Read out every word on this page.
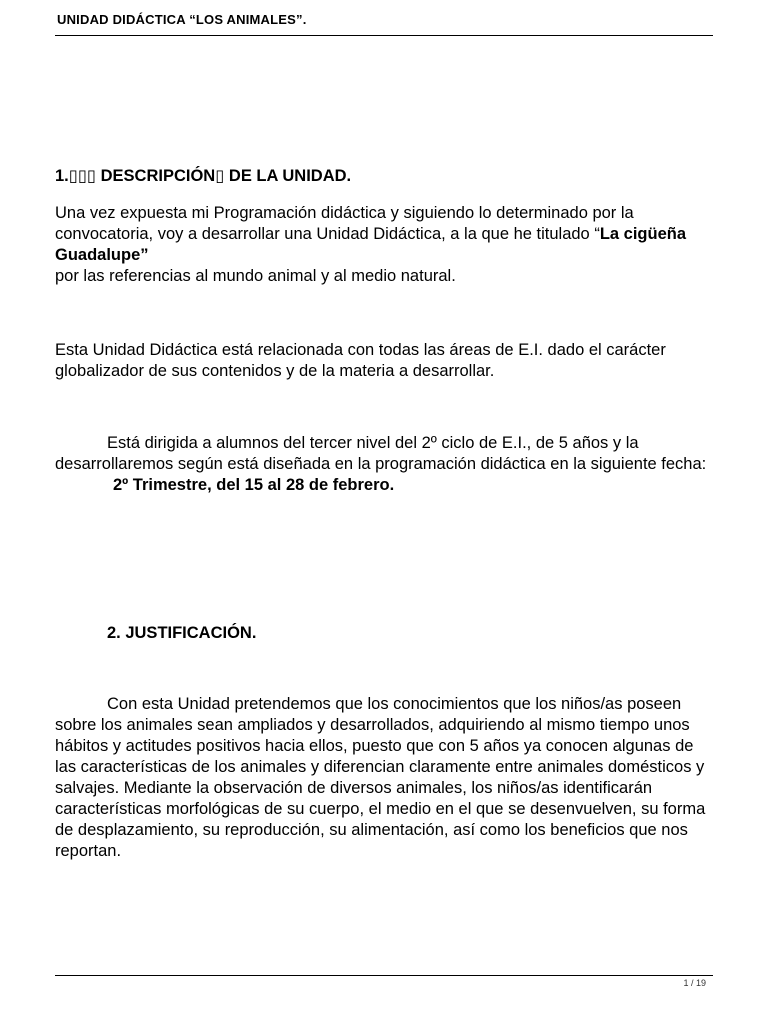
UNIDAD DIDÁCTICA “LOS ANIMALES”.
1.▯▯▯ DESCRIPCIÓN▯ DE LA UNIDAD.
Una vez expuesta mi Programación didáctica y siguiendo lo determinado por la convocatoria, voy a desarrollar una Unidad Didáctica, a la que he titulado “La cigüeña Guadalupe”
por las referencias al mundo animal y al medio natural.
Esta Unidad Didáctica está relacionada con todas las áreas de E.I. dado el carácter globalizador de sus contenidos y de la materia a desarrollar.
Está dirigida a alumnos del tercer nivel del 2º ciclo de E.I., de 5 años y la desarrollaremos según está diseñada en la programación didáctica en la siguiente fecha:2º Trimestre, del 15 al 28 de febrero.
2. JUSTIFICACIÓN.
Con esta Unidad pretendemos que los conocimientos que los niños/as poseen sobre los animales sean ampliados y desarrollados, adquiriendo al mismo tiempo unos hábitos y actitudes positivos hacia ellos, puesto que con 5 años ya conocen algunas de las características de los animales y diferencian claramente entre animales domésticos y salvajes. Mediante la observación de diversos animales, los niños/as identificarán características morfológicas de su cuerpo, el medio en el que se desenvuelven, su forma de desplazamiento, su reproducción, su alimentación, así como los beneficios que nos reportan.
1 / 19
